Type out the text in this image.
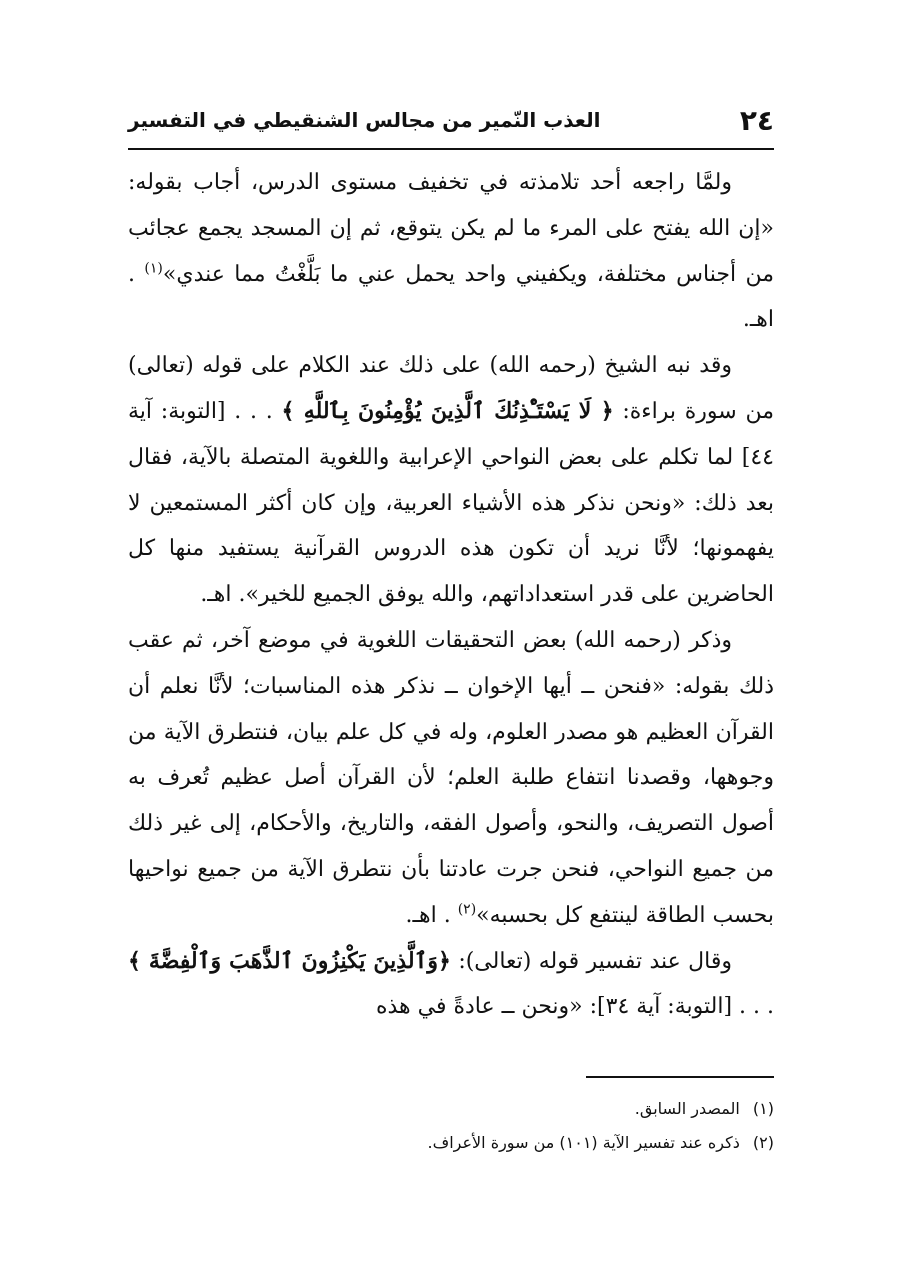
٢٤
العذب النّمير من مجالس الشنقيطي في التفسير

ولمَّا راجعه أحد تلامذته في تخفيف مستوى الدرس، أجاب بقوله: «إن الله يفتح على المرء ما لم يكن يتوقع، ثم إن المسجد يجمع عجائب من أجناس مختلفة، ويكفيني واحد يحمل عني ما بَلَّغْتُ مما عندي»$^{(١)}$ . اهـ.

وقد نبه الشيخ (رحمه الله) على ذلك عند الكلام على قوله (تعالى) من سورة براءة: ﴿ لَا يَسْتَـْٔذِنُكَ ٱلَّذِينَ يُؤْمِنُونَ بِٱللَّهِ ﴾ . . . [التوبة: آية ٤٤] لما تكلم على بعض النواحي الإعرابية واللغوية المتصلة بالآية، فقال بعد ذلك: «ونحن نذكر هذه الأشياء العربية، وإن كان أكثر المستمعين لا يفهمونها؛ لأنَّا نريد أن تكون هذه الدروس القرآنية يستفيد منها كل الحاضرين على قدر استعداداتهم، والله يوفق الجميع للخير». اهـ.

وذكر (رحمه الله) بعض التحقيقات اللغوية في موضع آخر، ثم عقب ذلك بقوله: «فنحن ــ أيها الإخوان ــ نذكر هذه المناسبات؛ لأنَّا نعلم أن القرآن العظيم هو مصدر العلوم، وله في كل علم بيان، فنتطرق الآية من وجوهها، وقصدنا انتفاع طلبة العلم؛ لأن القرآن أصل عظيم تُعرف به أصول التصريف، والنحو، وأصول الفقه، والتاريخ، والأحكام، إلى غير ذلك من جميع النواحي، فنحن جرت عادتنا بأن نتطرق الآية من جميع نواحيها بحسب الطاقة لينتفع كل بحسبه»$^{(٢)}$ . اهـ.

وقال عند تفسير قوله (تعالى): ﴿وَٱلَّذِينَ يَكْنِزُونَ ٱلذَّهَبَ وَٱلْفِضَّةَ ﴾ . . . [التوبة: آية ٣٤]: «ونحن ــ عادةً في هذه

(١) المصدر السابق.

(٢) ذكره عند تفسير الآية (١٠١) من سورة الأعراف.
